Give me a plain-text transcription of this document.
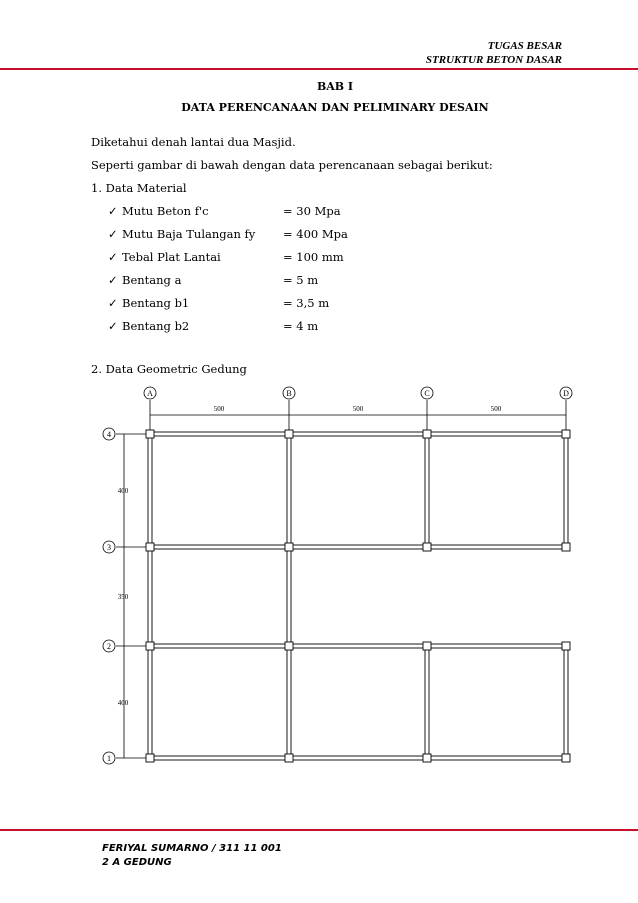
TUGAS BESAR
STRUKTUR BETON DASAR
BAB I
DATA PERENCANAAN DAN PELIMINARY DESAIN
Diketahui denah lantai dua Masjid.
Seperti gambar di bawah dengan data perencanaan sebagai berikut:
1. Data Material
✓ Mutu Beton f'c	= 30 Mpa
✓ Mutu Baja Tulangan fy = 400 Mpa
✓ Tebal Plat Lantai	= 100 mm
✓ Bentang a	= 5 m
✓ Bentang b1	= 3,5 m
✓ Bentang b2	= 4 m
2. Data Geometric Gedung
500	500	500
A	B	C	D
400
350
400
4
3
2
1
FERIYAL SUMARNO / 311 11 001
2 A GEDUNG
